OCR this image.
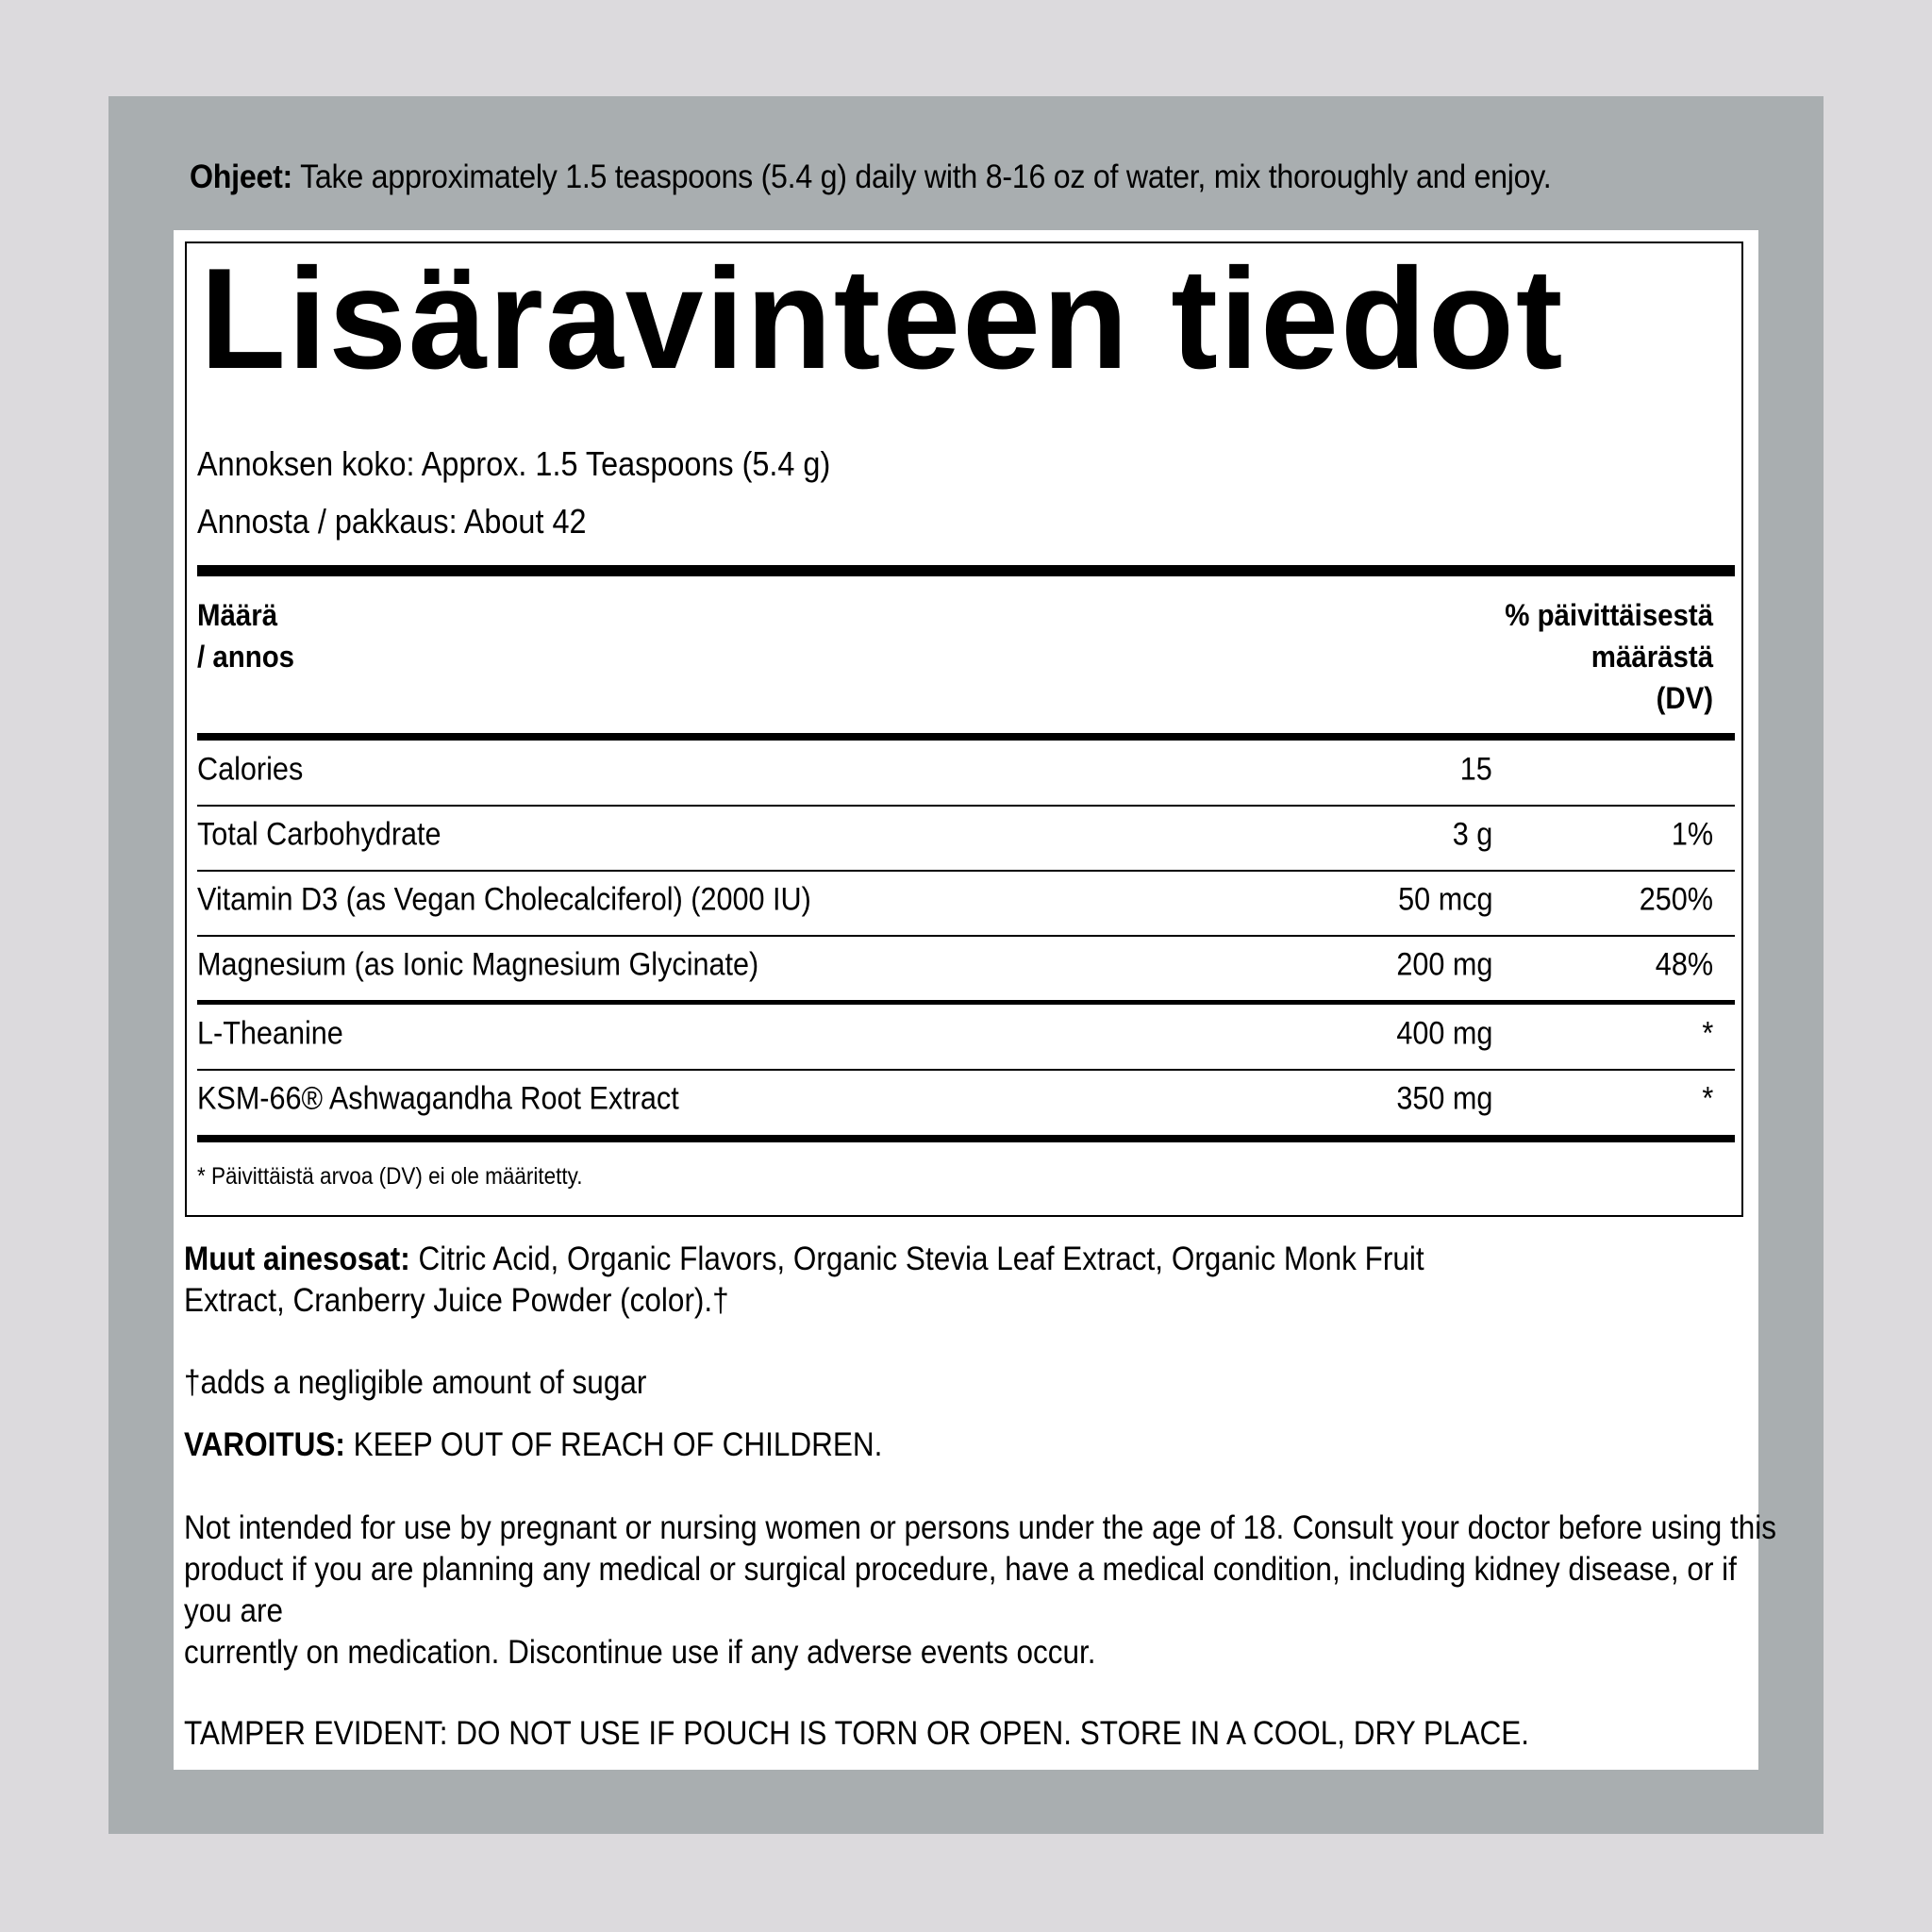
Ohjeet: Take approximately 1.5 teaspoons (5.4 g) daily with 8-16 oz of water, mix thoroughly and enjoy.
Lisäravinteen tiedot
Annoksen koko: Approx. 1.5 Teaspoons (5.4 g)
Annosta / pakkaus: About 42
Määrä
/ annos
% päivittäisestä
määrästä
(DV)
Calories	15
Total Carbohydrate	3 g	1%
Vitamin D3 (as Vegan Cholecalciferol) (2000 IU)	50 mcg	250%
Magnesium (as Ionic Magnesium Glycinate)	200 mg	48%
L-Theanine	400 mg	*
KSM-66® Ashwagandha Root Extract	350 mg	*
* Päivittäistä arvoa (DV) ei ole määritetty.
Muut ainesosat: Citric Acid, Organic Flavors, Organic Stevia Leaf Extract, Organic Monk Fruit
Extract, Cranberry Juice Powder (color).†
†adds a negligible amount of sugar
VAROITUS: KEEP OUT OF REACH OF CHILDREN.
Not intended for use by pregnant or nursing women or persons under the age of 18. Consult your doctor before using this
product if you are planning any medical or surgical procedure, have a medical condition, including kidney disease, or if
you are
currently on medication. Discontinue use if any adverse events occur.
TAMPER EVIDENT: DO NOT USE IF POUCH IS TORN OR OPEN. STORE IN A COOL, DRY PLACE.
